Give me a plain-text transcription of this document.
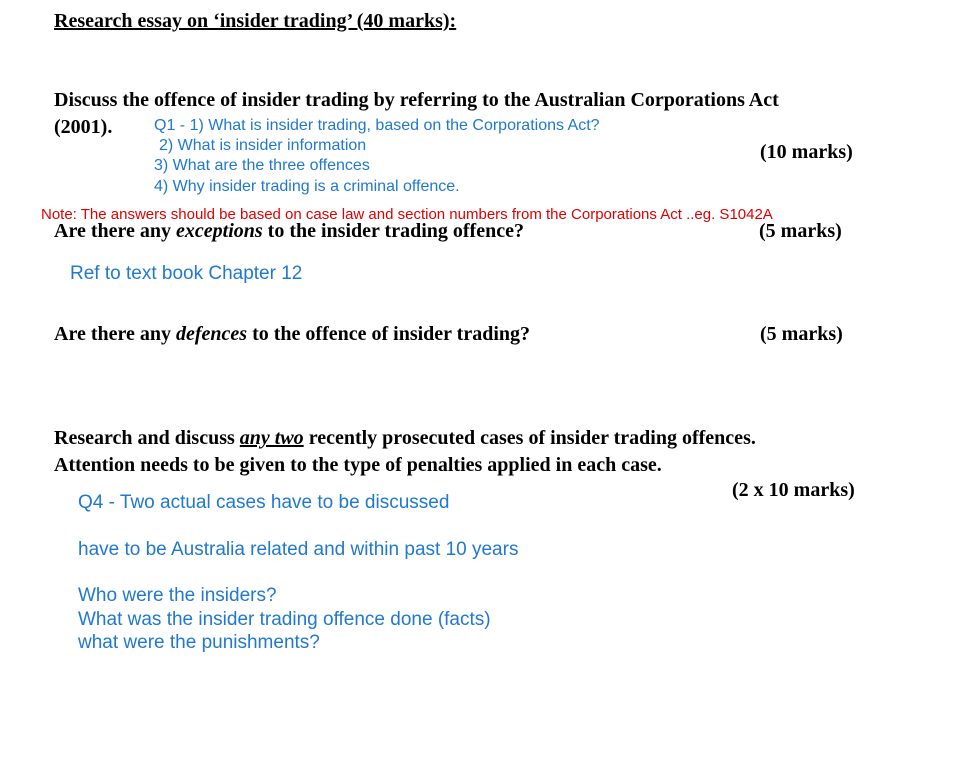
Research essay on ‘insider trading’ (40 marks):
Discuss the offence of insider trading by referring to the Australian Corporations Act
(2001).
(10 marks)
Q1 - 1) What is insider trading, based on the Corporations Act?
2) What is insider information
3) What are the three offences
4) Why insider trading is a criminal offence.
Note: The answers should be based on case law and section numbers from the Corporations Act ..eg. S1042A
Are there any exceptions to the insider trading offence?	(5 marks)
Ref to text book Chapter 12
Are there any defences to the offence of insider trading?	(5 marks)
Research and discuss any two recently prosecuted cases of insider trading offences.
Attention needs to be given to the type of penalties applied in each case.
(2 x 10 marks)
Q4 - Two actual cases have to be discussed
have to be Australia related and within past 10 years
Who were the insiders?
What was the insider trading offence done (facts)
what were the punishments?
